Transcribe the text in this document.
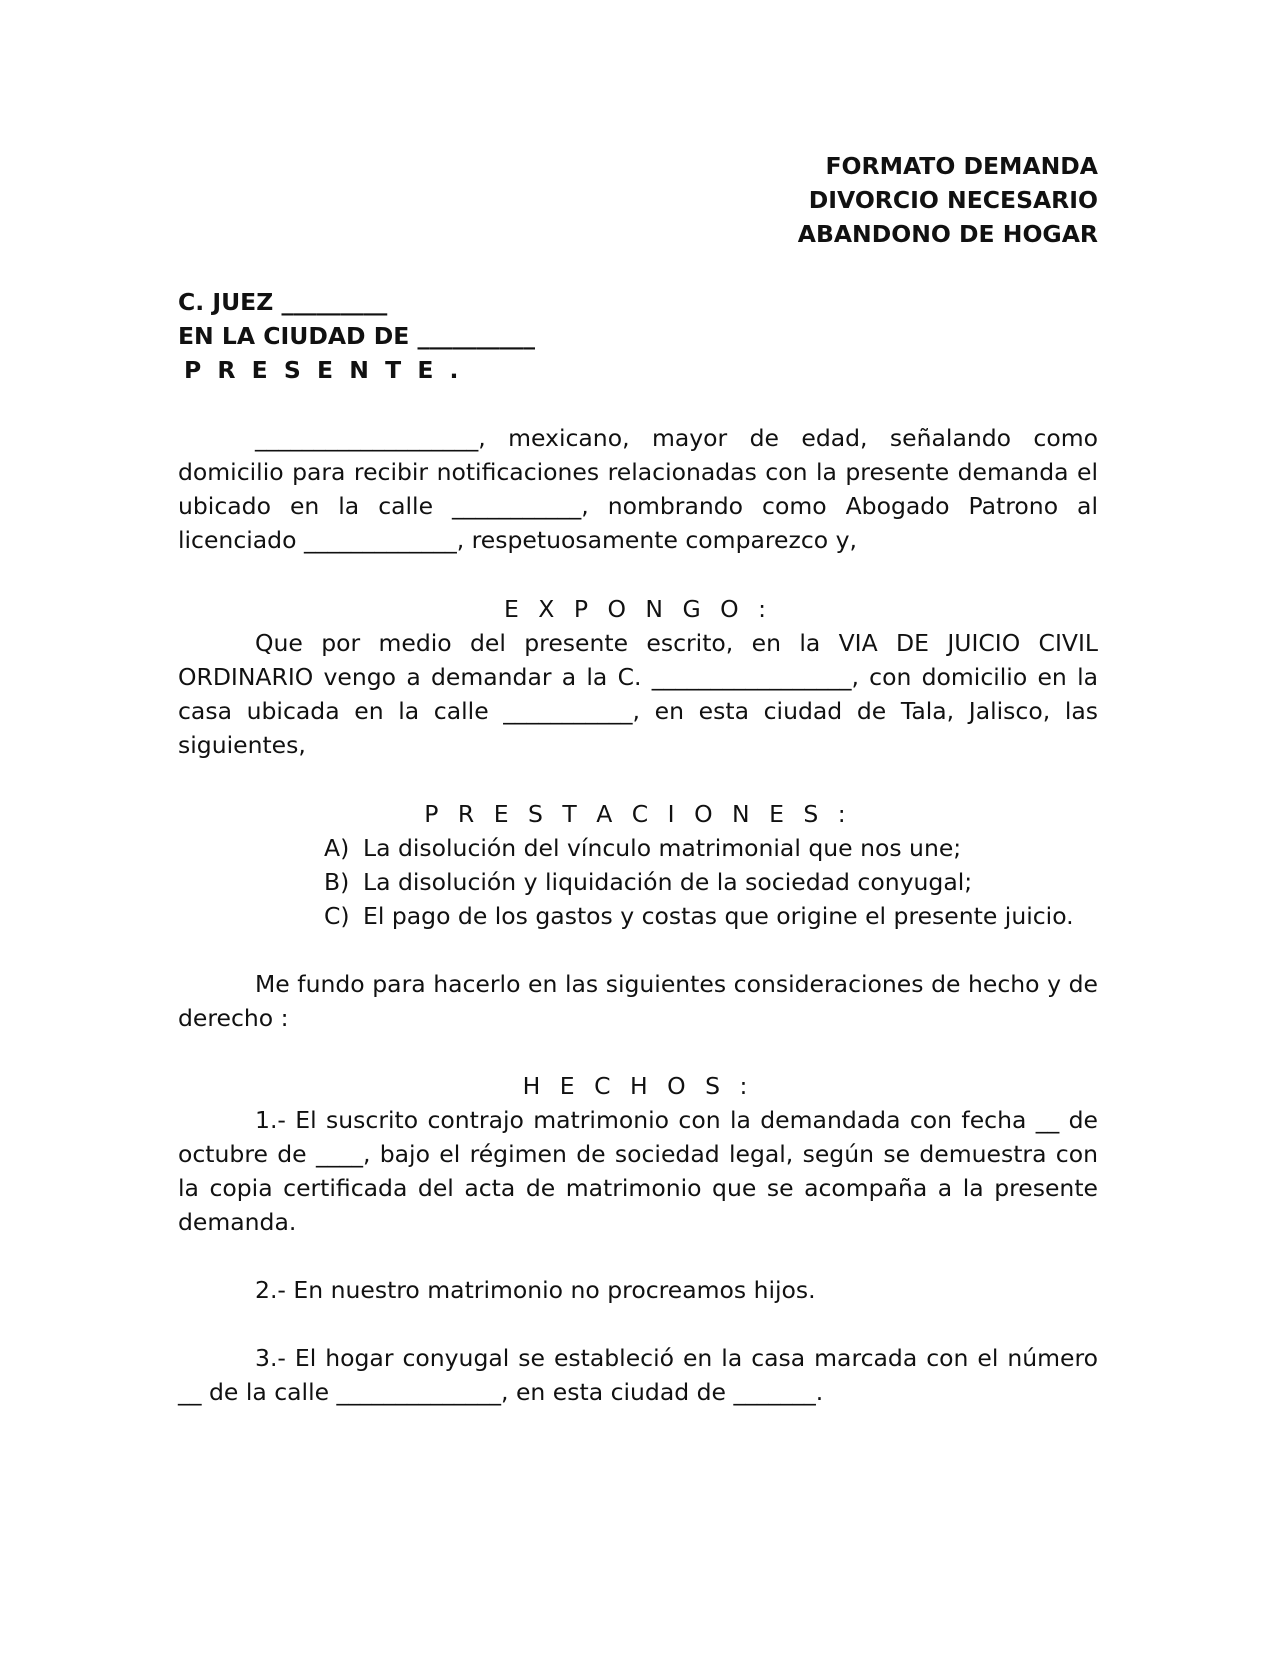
FORMATO DEMANDA
DIVORCIO NECESARIO
ABANDONO DE HOGAR
C. JUEZ _________
EN LA CIUDAD DE __________
P R E S E N T E .

___________________, mexicano, mayor de edad, señalando como domicilio para recibir notificaciones relacionadas con la presente demanda el ubicado en la calle ___________, nombrando como Abogado Patrono al licenciado _____________, respetuosamente comparezco y,

E X P O N G O :

Que por medio del presente escrito, en la VIA DE JUICIO CIVIL ORDINARIO vengo a demandar a la C. _________________, con domicilio en la casa ubicada en la calle ___________, en esta ciudad de Tala, Jalisco, las siguientes,

P R E S T A C I O N E S :

A) La disolución del vínculo matrimonial que nos une;
B) La disolución y liquidación de la sociedad conyugal;
C) El pago de los gastos y costas que origine el presente juicio.

Me fundo para hacerlo en las siguientes consideraciones de hecho y de derecho :

H E C H O S :

1.- El suscrito contrajo matrimonio con la demandada con fecha __ de octubre de ____, bajo el régimen de sociedad legal, según se demuestra con la copia certificada del acta de matrimonio que se acompaña a la presente demanda.

2.- En nuestro matrimonio no procreamos hijos.

3.- El hogar conyugal se estableció en la casa marcada con el número __ de la calle ______________, en esta ciudad de _______.
